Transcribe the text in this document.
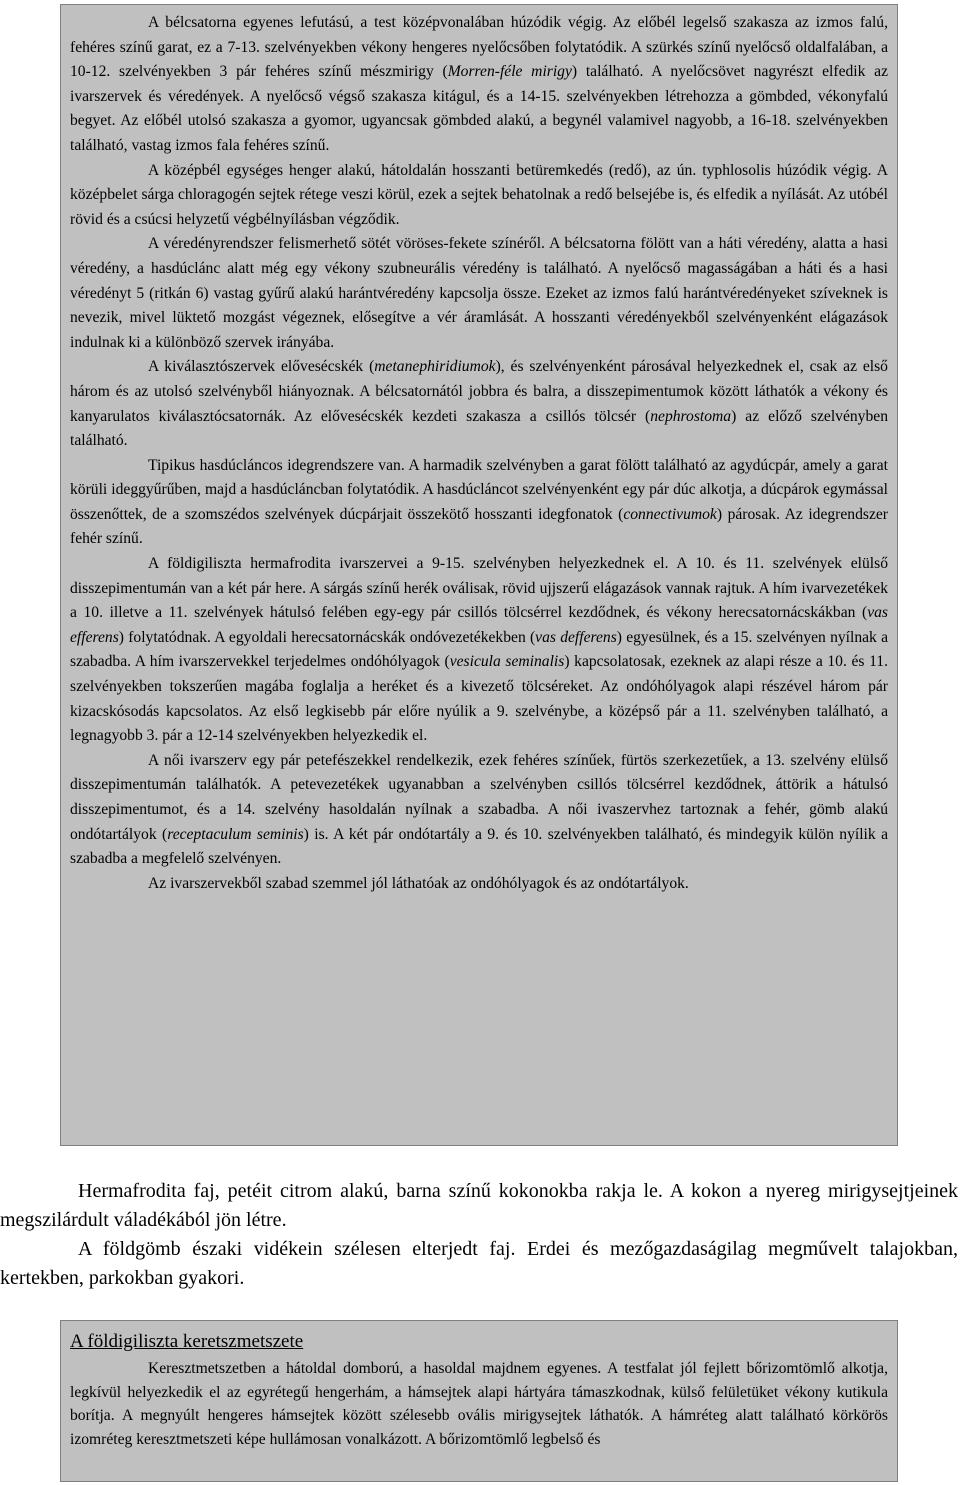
A bélcsatorna egyenes lefutású, a test középvonalában húzódik végig. Az előbél legelső szakasza az izmos falú, fehéres színű garat, ez a 7-13. szelvényekben vékony hengeres nyelőcsőben folytatódik. A szürkés színű nyelőcső oldalfalában, a 10-12. szelvényekben 3 pár fehéres színű mészmirigy (Morren-féle mirigy) található. A nyelőcsövet nagyrészt elfedik az ivarszervek és véredények. A nyelőcső végső szakasza kitágul, és a 14-15. szelvényekben létrehozza a gömbded, vékonyfalú begyet. Az előbél utolsó szakasza a gyomor, ugyancsak gömbded alakú, a begynél valamivel nagyobb, a 16-18. szelvényekben található, vastag izmos fala fehéres színű.

A középbél egységes henger alakú, hátoldalán hosszanti betüremkedés (redő), az ún. typhlosolis húzódik végig. A középbelet sárga chloragogén sejtek rétege veszi körül, ezek a sejtek behatolnak a redő belsejébe is, és elfedik a nyílását. Az utóbél rövid és a csúcsi helyzetű végbélnyílásban végződik.

A véredényrendszer felismerhető sötét vöröses-fekete színéről. A bélcsatorna fölött van a háti véredény, alatta a hasi véredény, a hasdúclánc alatt még egy vékony szubneurális véredény is található. A nyelőcső magasságában a háti és a hasi véredényt 5 (ritkán 6) vastag gyűrű alakú harántvéredény kapcsolja össze. Ezeket az izmos falú harántvéredényeket szíveknek is nevezik, mivel lüktető mozgást végeznek, elősegítve a vér áramlását. A hosszanti véredényekből szelvényenként elágazások indulnak ki a különböző szervek irányába.

A kiválasztószervek elővesécskék (metanephiridiumok), és szelvényenként párosával helyezkednek el, csak az első három és az utolsó szelvényből hiányoznak. A bélcsatornától jobbra és balra, a disszepimentumok között láthatók a vékony és kanyarulatos kiválasztócsatornák. Az elővesécskék kezdeti szakasza a csillós tölcsér (nephrostoma) az előző szelvényben található.

Tipikus hasdúcláncos idegrendszere van. A harmadik szelvényben a garat fölött található az agydúcpár, amely a garat körüli ideggyűrűben, majd a hasdúcláncban folytatódik. A hasdúcláncot szelvényenként egy pár dúc alkotja, a dúcpárok egymással összenőttek, de a szomszédos szelvények dúcpárjait összekötő hosszanti idegfonatok (connectivumok) párosak. Az idegrendszer fehér színű.

A földigiliszta hermafrodita ivarszervei a 9-15. szelvényben helyezkednek el. A 10. és 11. szelvények elülső disszepimentumán van a két pár here. A sárgás színű herék oválisak, rövid ujjszerű elágazások vannak rajtuk. A hím ivarvezetékek a 10. illetve a 11. szelvények hátulsó felében egy-egy pár csillós tölcsérrel kezdődnek, és vékony herecsatornácskákban (vas efferens) folytatódnak. A egyoldali herecsatornácskák ondóvezetékekben (vas defferens) egyesülnek, és a 15. szelvényen nyílnak a szabadba. A hím ivarszervekkel terjedelmes ondóhólyagok (vesicula seminalis) kapcsolatosak, ezeknek az alapi része a 10. és 11. szelvényekben tokszerűen magába foglalja a heréket és a kivezető tölcséreket. Az ondóhólyagok alapi részével három pár kizacskósodás kapcsolatos. Az első legkisebb pár előre nyúlik a 9. szelvénybe, a középső pár a 11. szelvényben található, a legnagyobb 3. pár a 12-14 szelvényekben helyezkedik el.

A női ivarszerv egy pár petefészekkel rendelkezik, ezek fehéres színűek, fürtös szerkezetűek, a 13. szelvény elülső disszepimentumán találhatók. A petevezetékek ugyanabban a szelvényben csillós tölcsérrel kezdődnek, áttörik a hátulsó disszepimentumot, és a 14. szelvény hasoldalán nyílnak a szabadba. A női ivaszervhez tartoznak a fehér, gömb alakú ondótartályok (receptaculum seminis) is. A két pár ondótartály a 9. és 10. szelvényekben található, és mindegyik külön nyílik a szabadba a megfelelő szelvényen.

Az ivarszervekből szabad szemmel jól láthatóak az ondóhólyagok és az ondótartályok.

Hermafrodita faj, petéit citrom alakú, barna színű kokonokba rakja le. A kokon a nyereg mirigysejtjeinek megszilárdult váladékából jön létre.

A földgömb északi vidékein szélesen elterjedt faj. Erdei és mezőgazdaságilag megművelt talajokban, kertekben, parkokban gyakori.

A földigiliszta keretszmetszete

Keresztmetszetben a hátoldal domború, a hasoldal majdnem egyenes. A testfalat jól fejlett bőrizomtömlő alkotja, legkívül helyezkedik el az egyrétegű hengerhám, a hámsejtek alapi hártyára támaszkodnak, külső felületüket vékony kutikula borítja. A megnyúlt hengeres hámsejtek között szélesebb ovális mirigysejtek láthatók. A hámréteg alatt található körkörös izomréteg keresztmetszeti képe hullámosan vonalkázott. A bőrizomtömlő legbelső és
